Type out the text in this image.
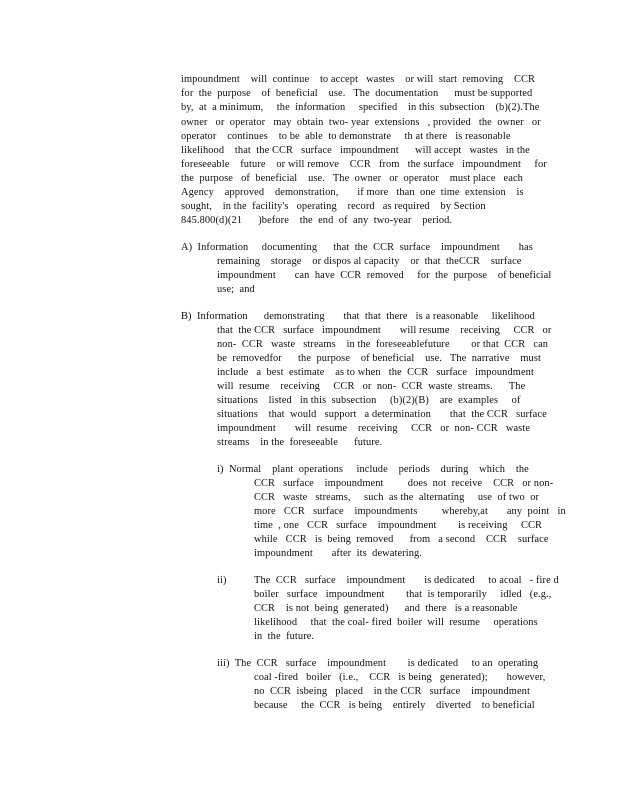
impoundment    will  continue    to accept   wastes    or will  start  removing    CCR
for  the  purpose    of  beneficial    use.   The  documentation      must be supported
by,  at  a minimum,     the  information     specified    in this  subsection    (b)(2).The
owner   or  operator   may  obtain  two- year  extensions   , provided   the  owner   or
operator    continues    to be  able  to demonstrate     th at there   is reasonable
likelihood    that  the CCR   surface   impoundment      will accept   wastes   in the
foreseeable    future    or will remove    CCR   from   the surface   impoundment     for
the  purpose   of  beneficial    use.   The  owner   or  operator    must place   each
Agency    approved    demonstration,       if more   than  one  time  extension    is
sought,    in the  facility's   operating    record   as required    by Section
845.800(d)(21      )before    the  end  of  any  two-year    period.
A)  Information     documenting      that  the  CCR  surface    impoundment       has
remaining    storage    or dispos al capacity    or  that  theCCR    surface
impoundment       can  have  CCR  removed     for  the  purpose    of beneficial
use;  and
B)  Information      demonstrating       that  that  there   is a reasonable     likelihood
that  the CCR   surface   impoundment       will resume    receiving     CCR   or
non-  CCR   waste   streams    in the  foreseeablefuture        or that  CCR   can
be  removedfor      the  purpose    of beneficial    use.   The  narrative    must
include   a  best  estimate    as to when   the  CCR   surface   impoundment
will  resume    receiving     CCR   or  non-  CCR  waste  streams.      The
situations    listed   in this  subsection     (b)(2)(B)    are  examples     of
situations    that  would   support   a determination       that  the CCR   surface
impoundment       will  resume    receiving     CCR   or  non- CCR   waste
streams    in the  foreseeable      future.
i)  Normal    plant  operations     include    periods    during    which    the
CCR   surface    impoundment         does  not  receive    CCR   or non-
CCR   waste   streams,     such  as the  alternating     use  of two  or
more   CCR   surface    impoundments         whereby,at       any  point   in
time  , one   CCR   surface    impoundment        is receiving     CCR
while   CCR   is  being  removed      from   a second    CCR    surface
impoundment       after  its  dewatering.
ii)	The  CCR   surface    impoundment       is dedicated     to acoal   - fire d
boiler   surface   impoundment        that  is temporarily     idled   (e.g.,
CCR    is not  being  generated)      and  there   is a reasonable
likelihood     that  the coal- fired  boiler  will  resume     operations
in  the  future.
iii)  The  CCR   surface    impoundment        is dedicated     to an  operating
coal -fired   boiler   (i.e.,    CCR   is being   generated);       however,
no  CCR  isbeing   placed    in the CCR   surface    impoundment
because     the  CCR   is being    entirely    diverted    to beneficial
